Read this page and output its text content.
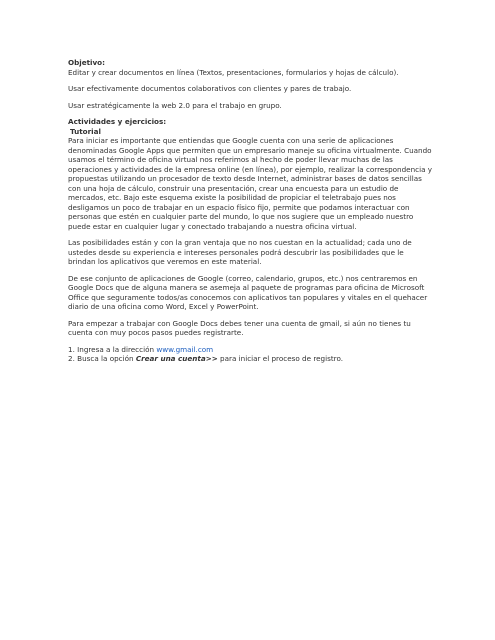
Objetivo:
Editar y crear documentos en línea (Textos, presentaciones, formularios y hojas de cálculo).

Usar efectivamente documentos colaborativos con clientes y pares de trabajo.

Usar estratégicamente la web 2.0 para el trabajo en grupo.

Actividades y ejercicios:
Tutorial
Para iniciar es importante que entiendas que Google cuenta con una serie de aplicaciones denominadas Google Apps que permiten que un empresario maneje su oficina virtualmente. Cuando usamos el término de oficina virtual nos referimos al hecho de poder llevar muchas de las operaciones y actividades de la empresa online (en línea), por ejemplo, realizar la correspondencia y propuestas utilizando un procesador de texto desde Internet, administrar bases de datos sencillas con una hoja de cálculo, construir una presentación, crear una encuesta para un estudio de mercados, etc. Bajo este esquema existe la posibilidad de propiciar el teletrabajo pues nos desligamos un poco de trabajar en un espacio físico fijo, permite que podamos interactuar con personas que estén en cualquier parte del mundo, lo que nos sugiere que un empleado nuestro puede estar en cualquier lugar y conectado trabajando a nuestra oficina virtual.

Las posibilidades están y con la gran ventaja que no nos cuestan en la actualidad; cada uno de ustedes desde su experiencia e intereses personales podrá descubrir las posibilidades que le brindan los aplicativos que veremos en este material.

De ese conjunto de aplicaciones de Google (correo, calendario, grupos, etc.) nos centraremos en Google Docs que de alguna manera se asemeja al paquete de programas para oficina de Microsoft Office que seguramente todos/as conocemos con aplicativos tan populares y vitales en el quehacer diario de una oficina como Word, Excel y PowerPoint.

Para empezar a trabajar con Google Docs debes tener una cuenta de gmail, si aún no tienes tu cuenta con muy pocos pasos puedes registrarte.

1. Ingresa a la dirección www.gmail.com
2. Busca la opción Crear una cuenta>> para iniciar el proceso de registro.
